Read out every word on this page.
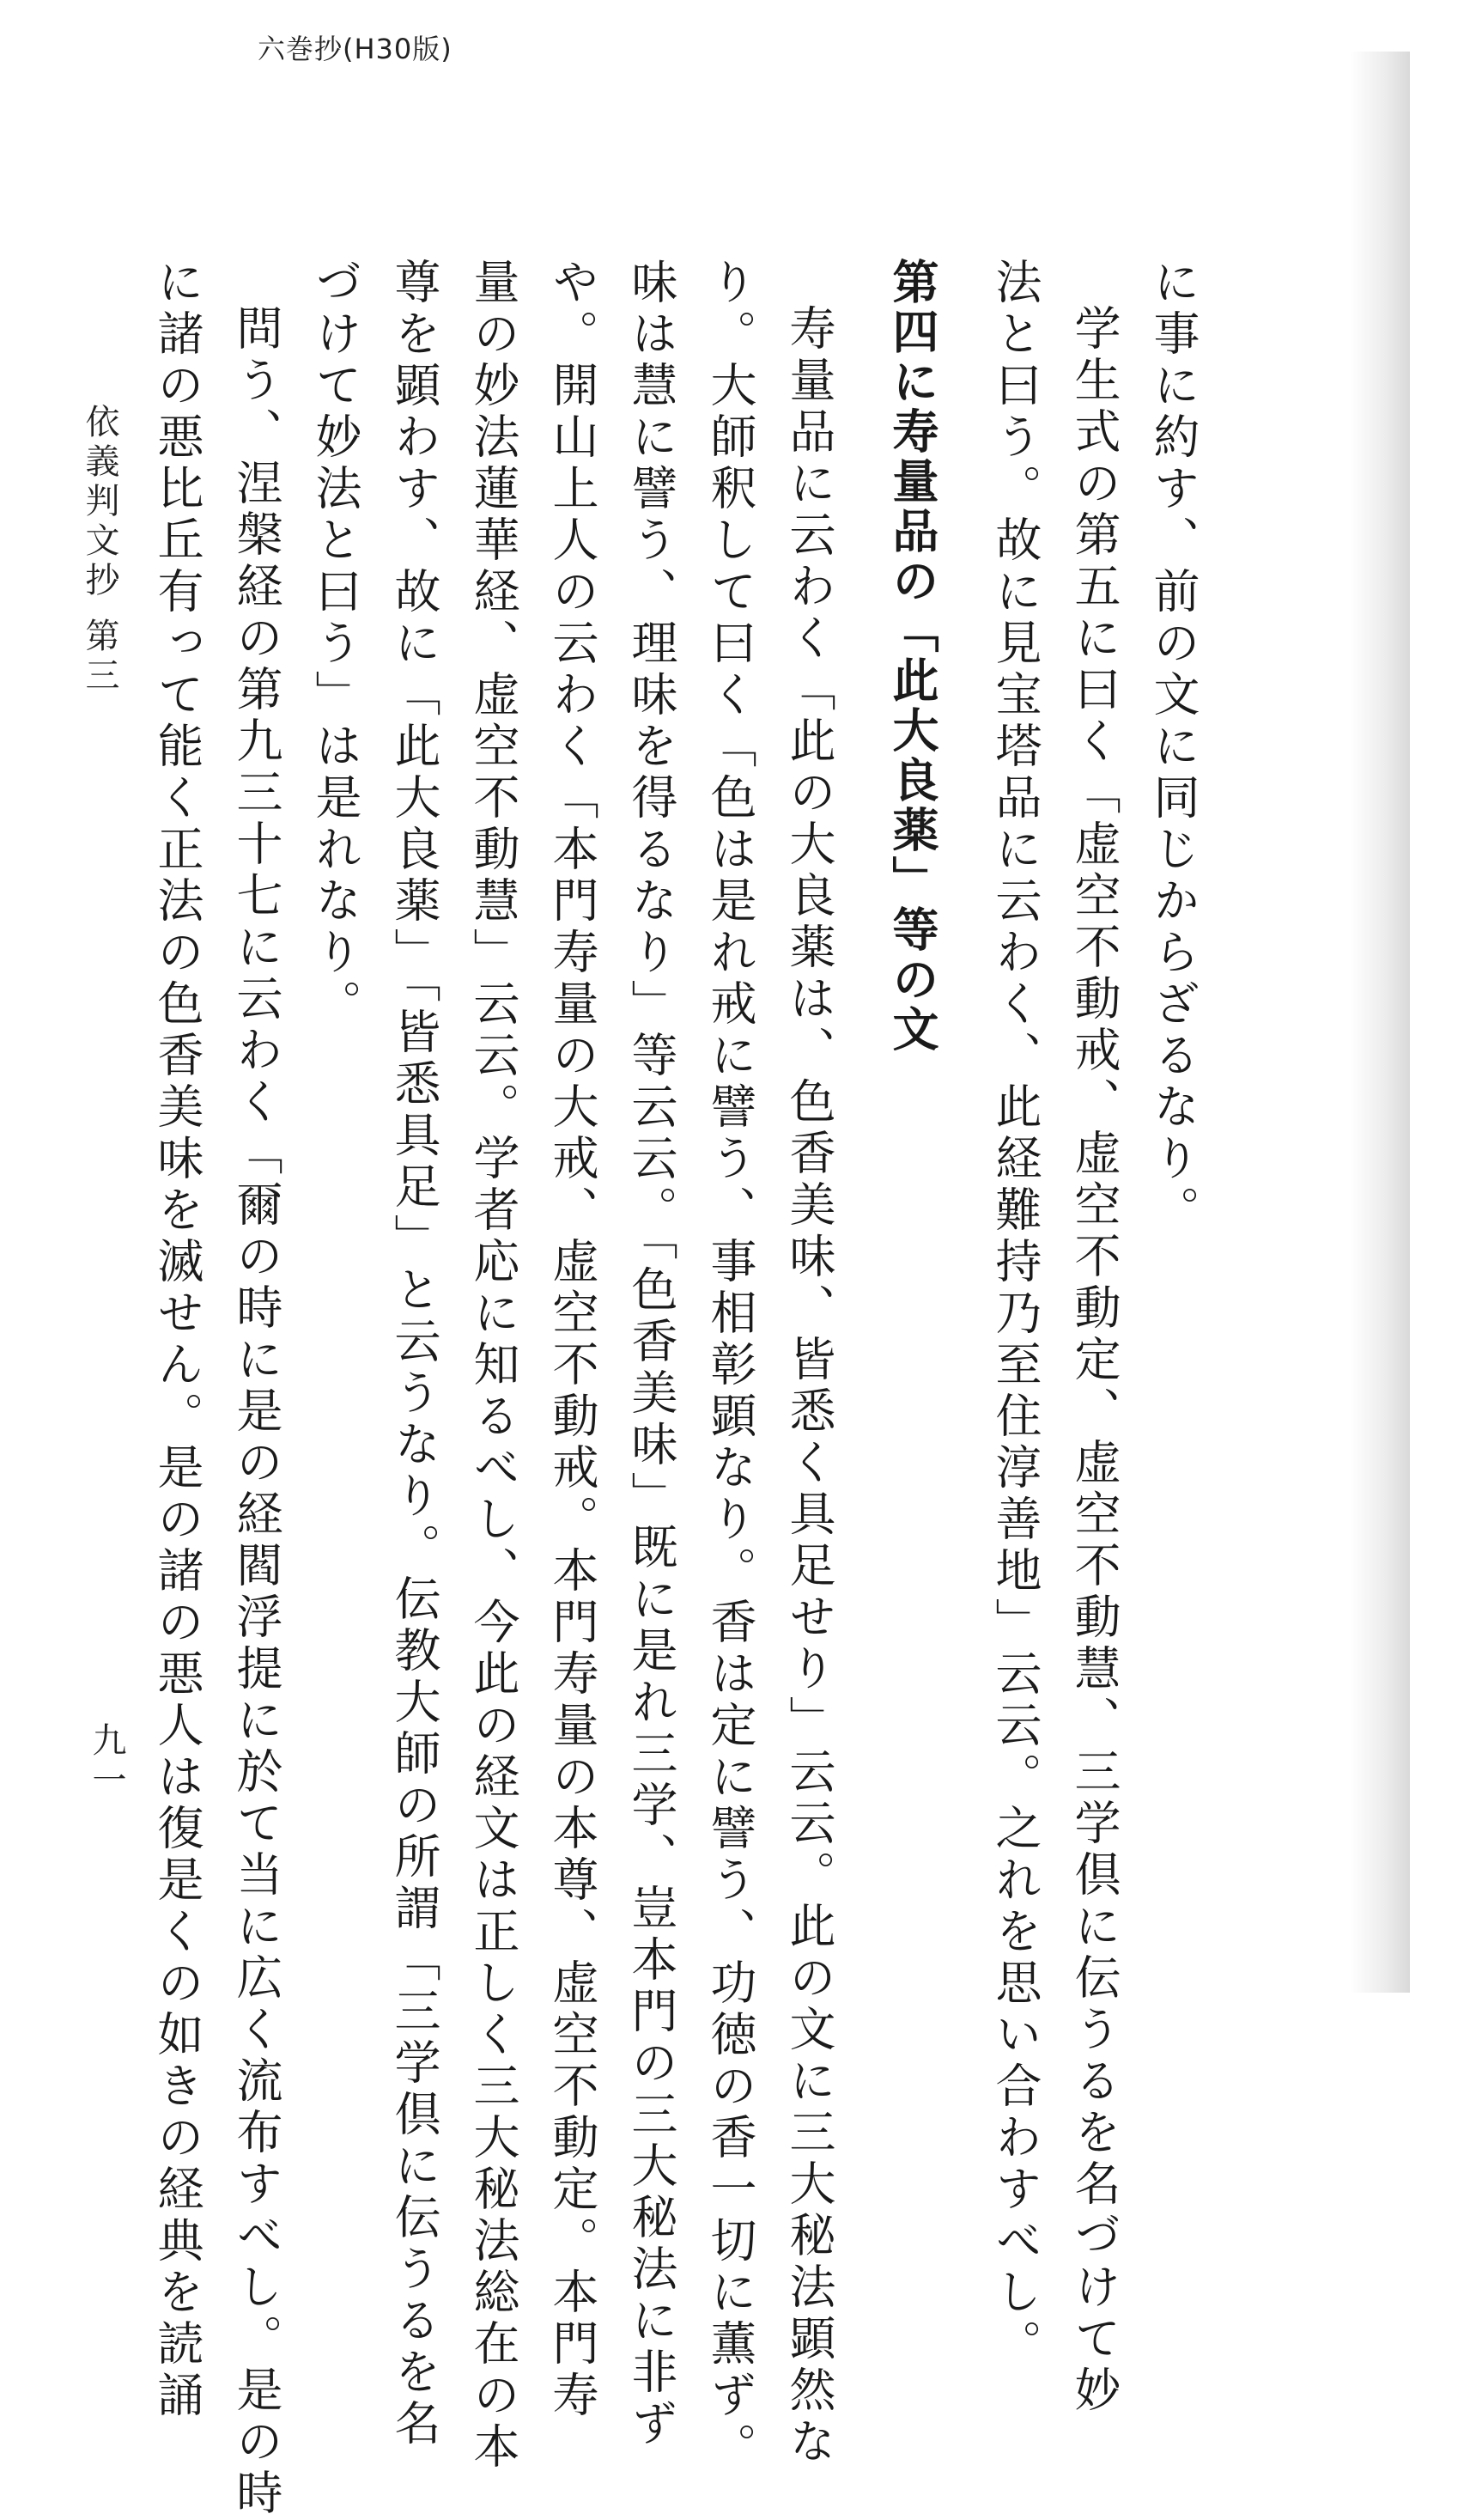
六巻抄(H30版)
に事に約す、前の文に同じからざるなり。
学生式の第五に曰く「虚空不動戒、虚空不動定、虚空不動慧、三学倶に伝うるを名づけて妙
法と曰う。故に見宝塔品に云わく、此経難持乃至住淳善地」云云。之れを思い合わすべし。
第四に寿量品の「此大良薬」等の文
寿量品に云わく「此の大良薬は、色香美味、皆悉く具足せり」云云。此の文に三大秘法顕然な
り。大師釈して曰く「色は是れ戒に譬う、事相彰顕なり。香は定に譬う、功徳の香一切に薫ず。
味は慧に譬う、理味を得るなり」等云云。「色香美味」既に是れ三学、豈本門の三大秘法に非ず
や。開山上人の云わく「本門寿量の大戒、虚空不動戒。本門寿量の本尊、虚空不動定。本門寿
量の妙法蓮華経、虚空不動慧」云云。学者応に知るべし、今此の経文は正しく三大秘法総在の本
尊を顕わす、故に「此大良薬」「皆悉具足」と云うなり。伝教大師の所謂「三学倶に伝うるを名
づけて妙法と曰う」は是れなり。
問う、涅槃経の第九三十七に云わく「爾の時に是の経閻浮提に於て当に広く流布すべし。是の時
に諸の悪比丘有って能く正法の色香美味を滅せん。是の諸の悪人は復是くの如きの経典を読誦
依義判文抄 第三
九一
